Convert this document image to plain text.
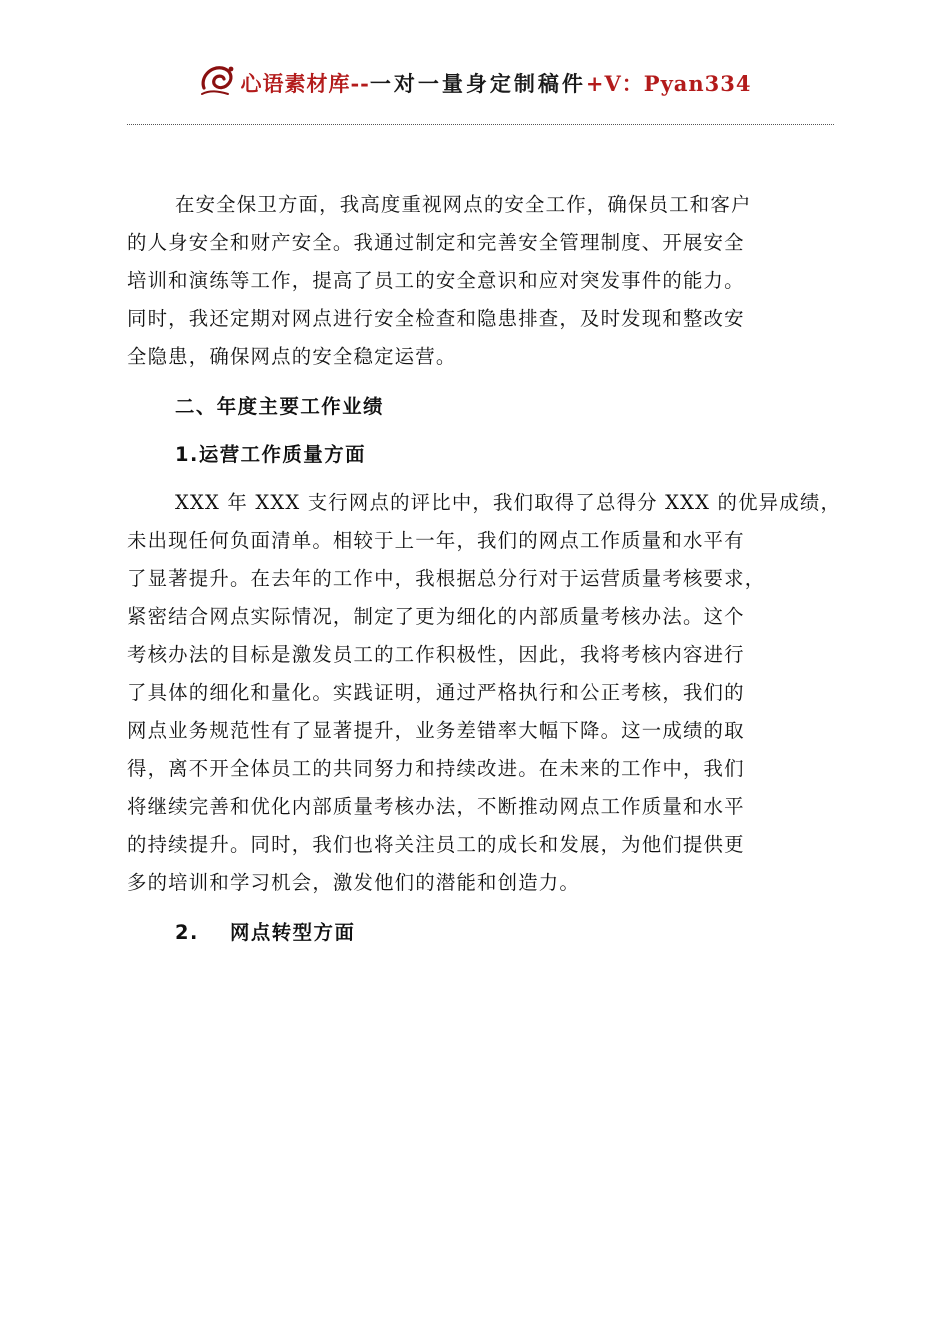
心语素材库--一对一量身定制稿件+V：Pyan334
在安全保卫方面，我高度重视网点的安全工作，确保员工和客户
的人身安全和财产安全。我通过制定和完善安全管理制度、开展安全
培训和演练等工作，提高了员工的安全意识和应对突发事件的能力。
同时，我还定期对网点进行安全检查和隐患排查，及时发现和整改安
全隐患，确保网点的安全稳定运营。
二、年度主要工作业绩
1.运营工作质量方面
XXX 年 XXX 支行网点的评比中，我们取得了总得分 XXX 的优异成绩，
未出现任何负面清单。相较于上一年，我们的网点工作质量和水平有
了显著提升。在去年的工作中，我根据总分行对于运营质量考核要求，
紧密结合网点实际情况，制定了更为细化的内部质量考核办法。这个
考核办法的目标是激发员工的工作积极性，因此，我将考核内容进行
了具体的细化和量化。实践证明，通过严格执行和公正考核，我们的
网点业务规范性有了显著提升，业务差错率大幅下降。这一成绩的取
得，离不开全体员工的共同努力和持续改进。在未来的工作中，我们
将继续完善和优化内部质量考核办法，不断推动网点工作质量和水平
的持续提升。同时，我们也将关注员工的成长和发展，为他们提供更
多的培训和学习机会，激发他们的潜能和创造力。
2. 网点转型方面
